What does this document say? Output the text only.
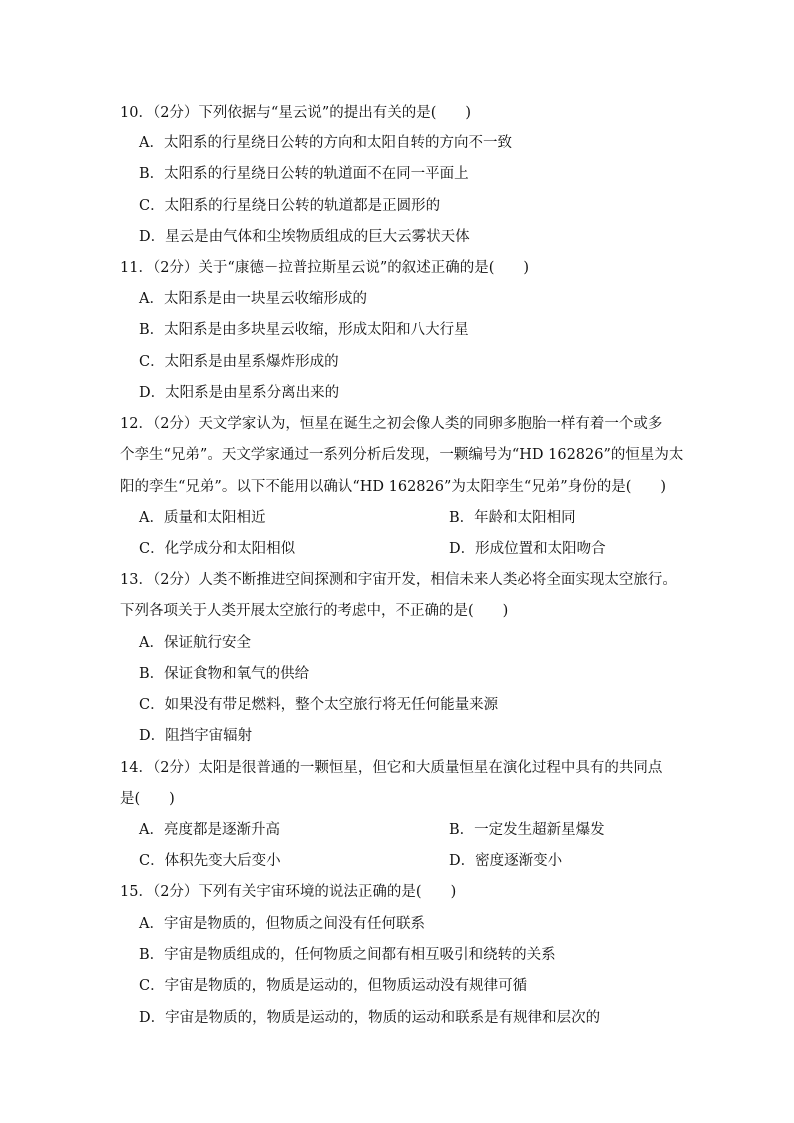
10．（2分）下列依据与“星云说”的提出有关的是(　　)
A．太阳系的行星绕日公转的方向和太阳自转的方向不一致
B．太阳系的行星绕日公转的轨道面不在同一平面上
C．太阳系的行星绕日公转的轨道都是正圆形的
D．星云是由气体和尘埃物质组成的巨大云雾状天体
11．（2分）关于“康德－拉普拉斯星云说”的叙述正确的是(　　)
A．太阳系是由一块星云收缩形成的
B．太阳系是由多块星云收缩，形成太阳和八大行星
C．太阳系是由星系爆炸形成的
D．太阳系是由星系分离出来的
12．（2分）天文学家认为，恒星在诞生之初会像人类的同卵多胞胎一样有着一个或多
个孪生“兄弟”。天文学家通过一系列分析后发现，一颗编号为“HD 162826”的恒星为太
阳的孪生“兄弟”。以下不能用以确认“HD 162826”为太阳孪生“兄弟”身份的是(　　)
A．质量和太阳相近	B．年龄和太阳相同
C．化学成分和太阳相似	D．形成位置和太阳吻合
13．（2分）人类不断推进空间探测和宇宙开发，相信未来人类必将全面实现太空旅行。
下列各项关于人类开展太空旅行的考虑中，不正确的是(　　)
A．保证航行安全
B．保证食物和氧气的供给
C．如果没有带足燃料，整个太空旅行将无任何能量来源
D．阻挡宇宙辐射
14．（2分）太阳是很普通的一颗恒星，但它和大质量恒星在演化过程中具有的共同点
是(　　)
A．亮度都是逐渐升高	B．一定发生超新星爆发
C．体积先变大后变小	D．密度逐渐变小
15．（2分）下列有关宇宙环境的说法正确的是(　　)
A．宇宙是物质的，但物质之间没有任何联系
B．宇宙是物质组成的，任何物质之间都有相互吸引和绕转的关系
C．宇宙是物质的，物质是运动的，但物质运动没有规律可循
D．宇宙是物质的，物质是运动的，物质的运动和联系是有规律和层次的
